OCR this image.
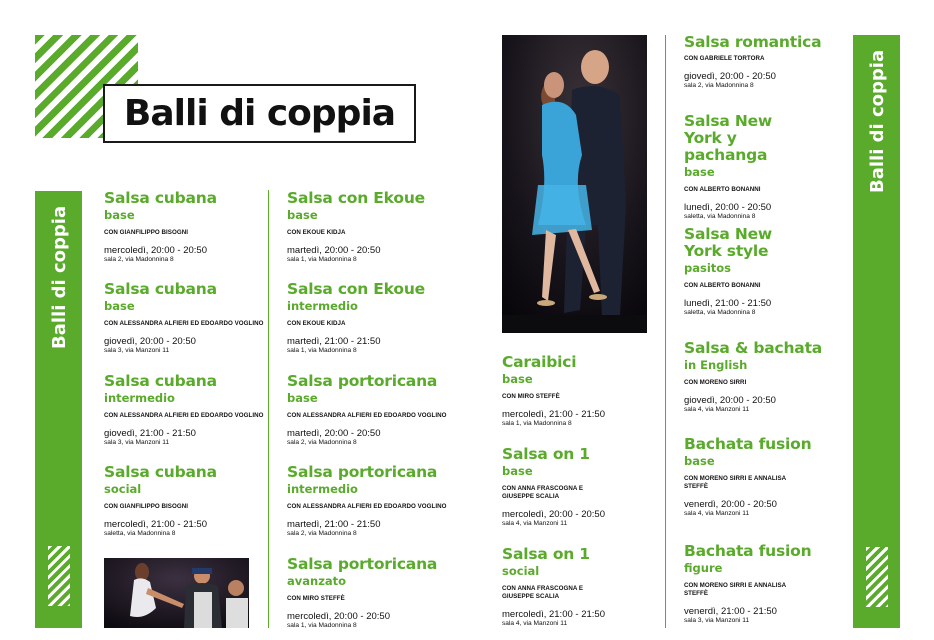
Balli di coppia
Balli di coppia
Balli di coppia
Salsa cubana
base
CON GIANFILIPPO BISOGNI
mercoledì, 20:00 - 20:50
sala 2, via Madonnina 8
Salsa cubana
base
CON ALESSANDRA ALFIERI ED EDOARDO VOGLINO
giovedì, 20:00 - 20:50
sala 3, via Manzoni 11
Salsa cubana
intermedio
CON ALESSANDRA ALFIERI ED EDOARDO VOGLINO
giovedì, 21:00 - 21:50
sala 3, via Manzoni 11
Salsa cubana
social
CON GIANFILIPPO BISOGNI
mercoledì, 21:00 - 21:50
saletta, via Madonnina 8
Salsa con Ekoue
base
CON EKOUE KIDJA
martedì, 20:00 - 20:50
sala 1, via Madonnina 8
Salsa con Ekoue
intermedio
CON EKOUE KIDJA
martedì, 21:00 - 21:50
sala 1, via Madonnina 8
Salsa portoricana
base
CON ALESSANDRA ALFIERI ED EDOARDO VOGLINO
martedì, 20:00 - 20:50
sala 2, via Madonnina 8
Salsa portoricana
intermedio
CON ALESSANDRA ALFIERI ED EDOARDO VOGLINO
martedì, 21:00 - 21:50
sala 2, via Madonnina 8
Salsa portoricana
avanzato
CON MIRO STEFFÈ
mercoledì, 20:00 - 20:50
sala 1, via Madonnina 8
Caraibici
base
CON MIRO STEFFÈ
mercoledì, 21:00 - 21:50
sala 1, via Madonnina 8
Salsa on 1
base
CON ANNA FRASCOGNA E GIUSEPPE SCALIA
mercoledì, 20:00 - 20:50
sala 4, via Manzoni 11
Salsa on 1
social
CON ANNA FRASCOGNA E GIUSEPPE SCALIA
mercoledì, 21:00 - 21:50
sala 4, via Manzoni 11
Salsa romantica
CON GABRIELE TORTORA
giovedì, 20:00 - 20:50
sala 2, via Madonnina 8
Salsa New York y pachanga
base
CON ALBERTO BONANNI
lunedì, 20:00 - 20:50
saletta, via Madonnina 8
Salsa New York style
pasitos
CON ALBERTO BONANNI
lunedì, 21:00 - 21:50
saletta, via Madonnina 8
Salsa & bachata
in English
CON MORENO SIRRI
giovedì, 20:00 - 20:50
sala 4, via Manzoni 11
Bachata fusion
base
CON MORENO SIRRI E ANNALISA STEFFÈ
venerdì, 20:00 - 20:50
sala 4, via Manzoni 11
Bachata fusion
figure
CON MORENO SIRRI E ANNALISA STEFFÈ
venerdì, 21:00 - 21:50
sala 3, via Manzoni 11
